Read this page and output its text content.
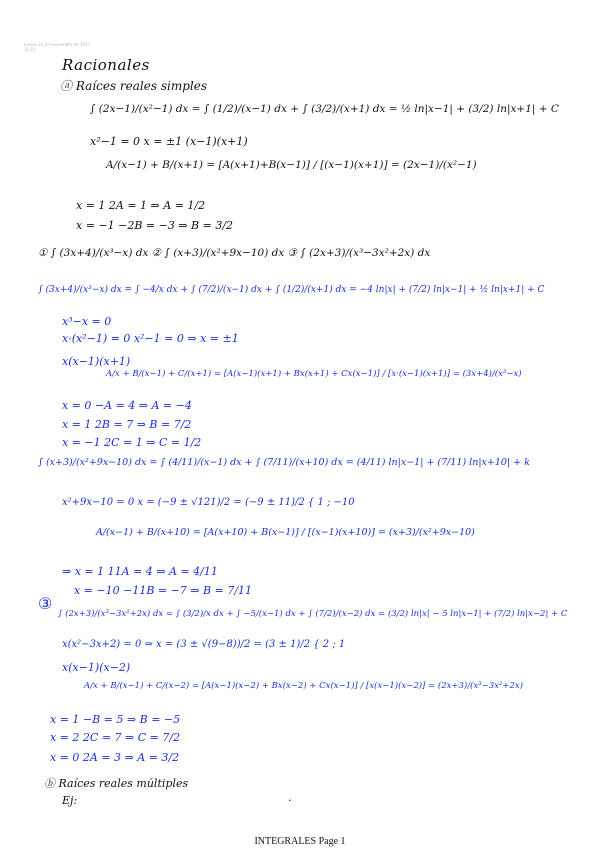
jueves 23 de noviembre de 2017
11:01
Racionales
ⓐ Raíces reales simples
∫ (2x−1)/(x²−1) dx = ∫ (1/2)/(x−1) dx + ∫ (3/2)/(x+1) dx = ½ ln|x−1| + (3/2) ln|x+1| + C
x²−1 = 0 x = ±1 (x−1)(x+1)
A/(x−1) + B/(x+1) = [A(x+1)+B(x−1)] / [(x−1)(x+1)] = (2x−1)/(x²−1)
x = 1 2A = 1 ⇒ A = 1/2
x = −1 −2B = −3 ⇒ B = 3/2
① ∫ (3x+4)/(x³−x) dx ② ∫ (x+3)/(x²+9x−10) dx ③ ∫ (2x+3)/(x³−3x²+2x) dx
∫ (3x+4)/(x³−x) dx = ∫ −4/x dx + ∫ (7/2)/(x−1) dx + ∫ (1/2)/(x+1) dx = −4 ln|x| + (7/2) ln|x−1| + ½ ln|x+1| + C
x³−x = 0
x·(x²−1) = 0 x²−1 = 0 ⇒ x = ±1
x(x−1)(x+1)
A/x + B/(x−1) + C/(x+1) = [A(x−1)(x+1) + Bx(x+1) + Cx(x−1)] / [x·(x−1)(x+1)] = (3x+4)/(x³−x)
x = 0 −A = 4 ⇒ A = −4
x = 1 2B = 7 ⇒ B = 7/2
x = −1 2C = 1 ⇒ C = 1/2
∫ (x+3)/(x²+9x−10) dx = ∫ (4/11)/(x−1) dx + ∫ (7/11)/(x+10) dx = (4/11) ln|x−1| + (7/11) ln|x+10| + k
x²+9x−10 = 0 x = (−9 ± √121)/2 = (−9 ± 11)/2 { 1 ; −10
A/(x−1) + B/(x+10) = [A(x+10) + B(x−1)] / [(x−1)(x+10)] = (x+3)/(x²+9x−10)
⇒ x = 1 11A = 4 ⇒ A = 4/11
x = −10 −11B = −7 ⇒ B = 7/11
③
∫ (2x+3)/(x³−3x²+2x) dx = ∫ (3/2)/x dx + ∫ −5/(x−1) dx + ∫ (7/2)/(x−2) dx = (3/2) ln|x| − 5 ln|x−1| + (7/2) ln|x−2| + C
x(x²−3x+2) = 0 ⇒ x = (3 ± √(9−8))/2 = (3 ± 1)/2 { 2 ; 1
x(x−1)(x−2)
A/x + B/(x−1) + C/(x−2) = [A(x−1)(x−2) + Bx(x−2) + Cx(x−1)] / [x(x−1)(x−2)] = (2x+3)/(x³−3x²+2x)
x = 1 −B = 5 ⇒ B = −5
x = 2 2C = 7 ⇒ C = 7/2
x = 0 2A = 3 ⇒ A = 3/2
ⓑ Raíces reales múltiples
Ej:	·
INTEGRALES Page 1
